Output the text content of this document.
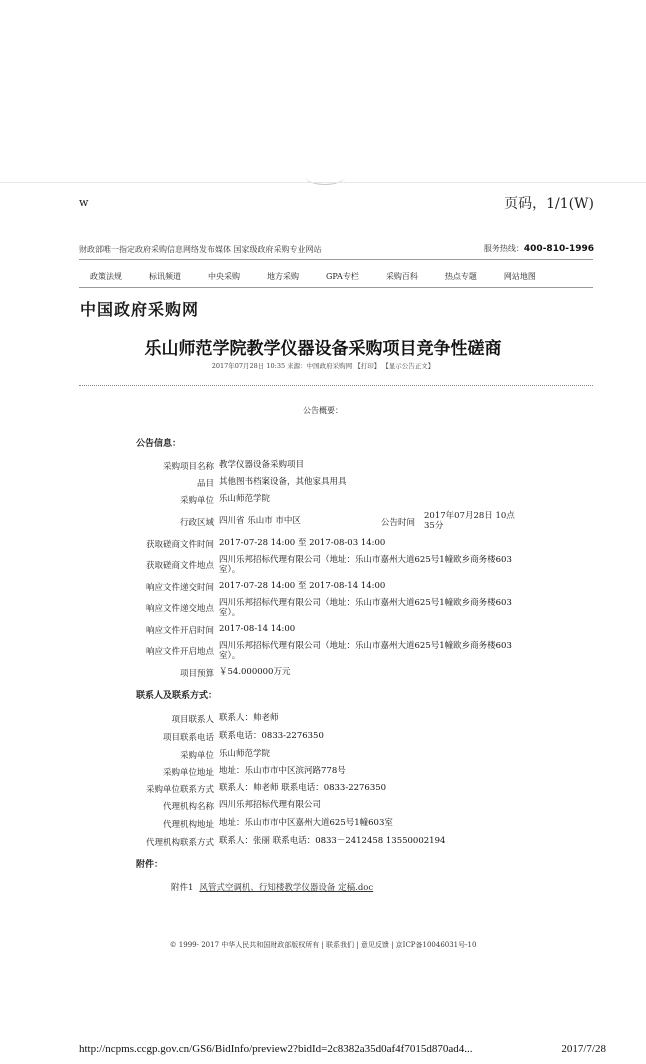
w	页码，1/1(W)
财政部唯一指定政府采购信息网络发布媒体 国家级政府采购专业网站	服务热线：400-810-1996
政策法规	标讯频道	中央采购	地方采购	GPA专栏	采购百科	热点专题	网站地图
中国政府采购网
乐山师范学院教学仪器设备采购项目竞争性磋商
2017年07月28日 10:35 来源：中国政府采购网 【打印】 【显示公告正文】
公告概要：
公告信息：
采购项目名称 教学仪器设备采购项目
品目 其他图书档案设备，其他家具用具
采购单位 乐山师范学院
行政区域 四川省 乐山市 市中区	公告时间
2017年07月28日 10点35分
获取磋商文件时间 2017-07-28 14:00 至 2017-08-03 14:00
获取磋商文件地点
四川乐邦招标代理有限公司（地址：乐山市嘉州大道625号1幢欧乡商务楼603室）。
响应文件递交时间 2017-07-28 14:00 至 2017-08-14 14:00
响应文件递交地点
四川乐邦招标代理有限公司（地址：乐山市嘉州大道625号1幢欧乡商务楼603室）。
响应文件开启时间 2017-08-14 14:00
响应文件开启地点
四川乐邦招标代理有限公司（地址：乐山市嘉州大道625号1幢欧乡商务楼603室）。
项目预算 ￥54.000000万元
联系人及联系方式：
项目联系人 联系人：帅老师
项目联系电话 联系电话：0833-2276350
采购单位 乐山师范学院
采购单位地址 地址：乐山市市中区滨河路778号
采购单位联系方式 联系人：帅老师 联系电话：0833-2276350
代理机构名称 四川乐邦招标代理有限公司
代理机构地址 地址：乐山市市中区嘉州大道625号1幢603室
代理机构联系方式 联系人：张丽 联系电话：0833－2412458 13550002194
附件：
附件1 风管式空调机、行知楼教学仪器设备 定稿.doc
© 1999- 2017 中华人民共和国财政部版权所有 | 联系我们 | 意见反馈 | 京ICP备10046031号-10
http://ncpms.ccgp.gov.cn/GS6/BidInfo/preview2?bidId=2c8382a35d0af4f7015d870ad4...	2017/7/28
